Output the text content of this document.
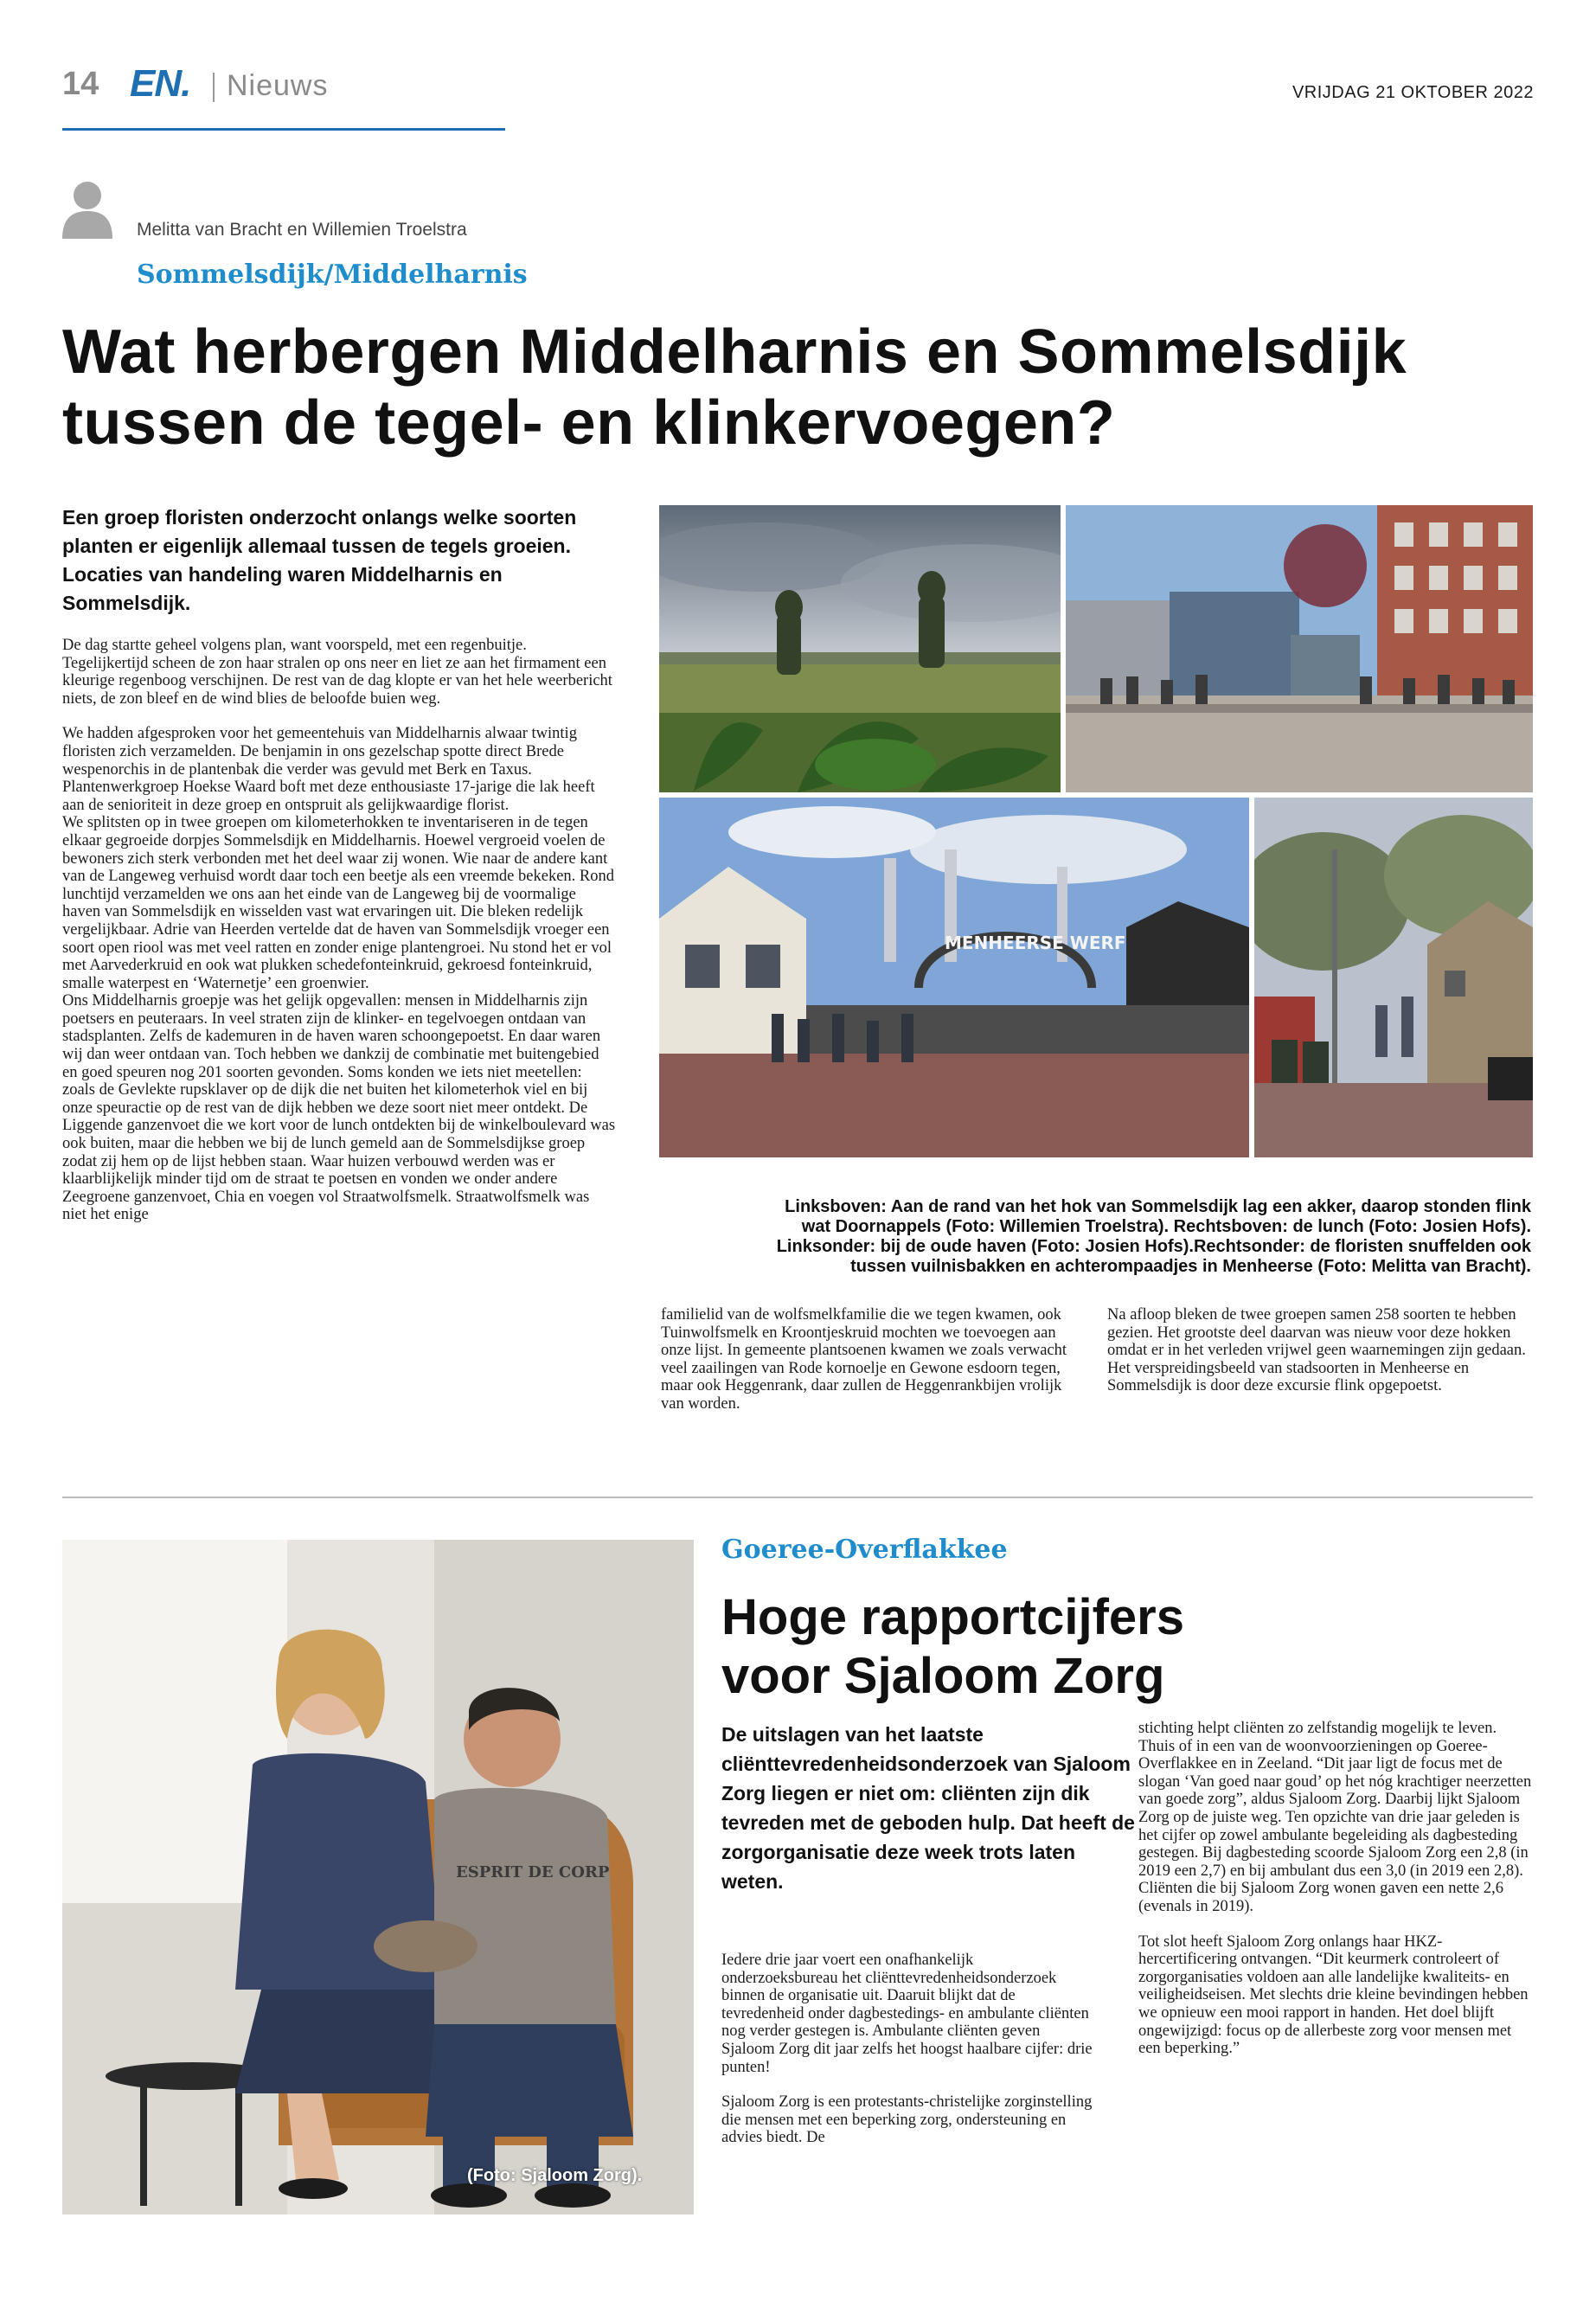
14 EN. Nieuws	VRIJDAG 21 OKTOBER 2022
Melitta van Bracht en Willemien Troelstra
Sommelsdijk/Middelharnis
Wat herbergen Middelharnis en Sommelsdijk
tussen de tegel- en klinkervoegen?
Een groep floristen onderzocht onlangs welke soorten planten er eigenlijk allemaal tussen de tegels groeien. Locaties van handeling waren Middelharnis en Sommelsdijk.

De dag startte geheel volgens plan, want voorspeld, met een regenbuitje. Tegelijkertijd scheen de zon haar stralen op ons neer en liet ze aan het firmament een kleurige regenboog verschijnen. De rest van de dag klopte er van het hele weerbericht niets, de zon bleef en de wind blies de beloofde buien weg.

We hadden afgesproken voor het gemeentehuis van Middelharnis alwaar twintig floristen zich verzamelden. De benjamin in ons gezelschap spotte direct Brede wespenorchis in de plantenbak die verder was gevuld met Berk en Taxus. Plantenwerkgroep Hoekse Waard boft met deze enthousiaste 17-jarige die lak heeft aan de senioriteit in deze groep en ontspruit als gelijkwaardige florist.

We splitsten op in twee groepen om kilometerhokken te inventariseren in de tegen elkaar gegroeide dorpjes Sommelsdijk en Middelharnis. Hoewel vergroeid voelen de bewoners zich sterk verbonden met het deel waar zij wonen. Wie naar de andere kant van de Langeweg verhuisd wordt daar toch een beetje als een vreemde bekeken. Rond lunchtijd verzamelden we ons aan het einde van de Langeweg bij de voormalige haven van Sommelsdijk en wisselden vast wat ervaringen uit. Die bleken redelijk vergelijkbaar. Adrie van Heerden vertelde dat de haven van Sommelsdijk vroeger een soort open riool was met veel ratten en zonder enige plantengroei. Nu stond het er vol met Aarvederkruid en ook wat plukken schedefonteinkruid, gekroesd fonteinkruid, smalle waterpest en ‘Waternetje’ een groenwier.

Ons Middelharnis groepje was het gelijk opgevallen: mensen in Middelharnis zijn poetsers en peuteraars. In veel straten zijn de klinker- en tegelvoegen ontdaan van stadsplanten. Zelfs de kademuren in de haven waren schoongepoetst. En daar waren wij dan weer ontdaan van. Toch hebben we dankzij de combinatie met buitengebied en goed speuren nog 201 soorten gevonden. Soms konden we iets niet meetellen: zoals de Gevlekte rupsklaver op de dijk die net buiten het kilometerhok viel en bij onze speuractie op de rest van de dijk hebben we deze soort niet meer ontdekt. De Liggende ganzenvoet die we kort voor de lunch ontdekten bij de winkelboulevard was ook buiten, maar die hebben we bij de lunch gemeld aan de Sommelsdijkse groep zodat zij hem op de lijst hebben staan. Waar huizen verbouwd werden was er klaarblijkelijk minder tijd om de straat te poetsen en vonden we onder andere Zeegroene ganzenvoet, Chia en voegen vol Straatwolfsmelk. Straatwolfsmelk was niet het enige

familielid van de wolfsmelkfamilie die we tegen kwamen, ook Tuinwolfsmelk en Kroontjeskruid mochten we toevoegen aan onze lijst. In gemeente plantsoenen kwamen we zoals verwacht veel zaailingen van Rode kornoelje en Gewone esdoorn tegen, maar ook Heggenrank, daar zullen de Heggenrankbijen vrolijk van worden.

Na afloop bleken de twee groepen samen 258 soorten te hebben gezien. Het grootste deel daarvan was nieuw voor deze hokken omdat er in het verleden vrijwel geen waarnemingen zijn gedaan. Het verspreidingsbeeld van stadsoorten in Menheerse en Sommelsdijk is door deze excursie flink opgepoetst.

MENHEERSE WERF
Linksboven: Aan de rand van het hok van Sommelsdijk lag een akker, daarop stonden flink
wat Doornappels (Foto: Willemien Troelstra). Rechtsboven: de lunch (Foto: Josien Hofs).
Linksonder: bij de oude haven (Foto: Josien Hofs).Rechtsonder: de floristen snuffelden ook
tussen vuilnisbakken en achterompaadjes in Menheerse (Foto: Melitta van Bracht).
ESPRIT DE CORP
(Foto: Sjaloom Zorg).
Goeree-Overflakkee
Hoge rapportcijfers
voor Sjaloom Zorg
De uitslagen van het laatste cliënttevredenheidsonderzoek van Sjaloom Zorg liegen er niet om: cliënten zijn dik tevreden met de geboden hulp. Dat heeft de zorgorganisatie deze week trots laten weten.

Iedere drie jaar voert een onafhankelijk onderzoeksbureau het cliënttevredenheidsonderzoek binnen de organisatie uit. Daaruit blijkt dat de tevredenheid onder dagbestedings- en ambulante cliënten nog verder gestegen is. Ambulante cliënten geven Sjaloom Zorg dit jaar zelfs het hoogst haalbare cijfer: drie punten!

Sjaloom Zorg is een protestants-christelijke zorginstelling die mensen met een beperking zorg, ondersteuning en advies biedt. De

stichting helpt cliënten zo zelfstandig mogelijk te leven. Thuis of in een van de woonvoorzieningen op Goeree-Overflakkee en in Zeeland. “Dit jaar ligt de focus met de slogan ‘Van goed naar goud’ op het nóg krachtiger neerzetten van goede zorg”, aldus Sjaloom Zorg. Daarbij lijkt Sjaloom Zorg op de juiste weg. Ten opzichte van drie jaar geleden is het cijfer op zowel ambulante begeleiding als dagbesteding gestegen. Bij dagbesteding scoorde Sjaloom Zorg een 2,8 (in 2019 een 2,7) en bij ambulant dus een 3,0 (in 2019 een 2,8). Cliënten die bij Sjaloom Zorg wonen gaven een nette 2,6 (evenals in 2019).

Tot slot heeft Sjaloom Zorg onlangs haar HKZ-hercertificering ontvangen. “Dit keurmerk controleert of zorgorganisaties voldoen aan alle landelijke kwaliteits- en veiligheidseisen. Met slechts drie kleine bevindingen hebben we opnieuw een mooi rapport in handen. Het doel blijft ongewijzigd: focus op de allerbeste zorg voor mensen met een beperking.”
